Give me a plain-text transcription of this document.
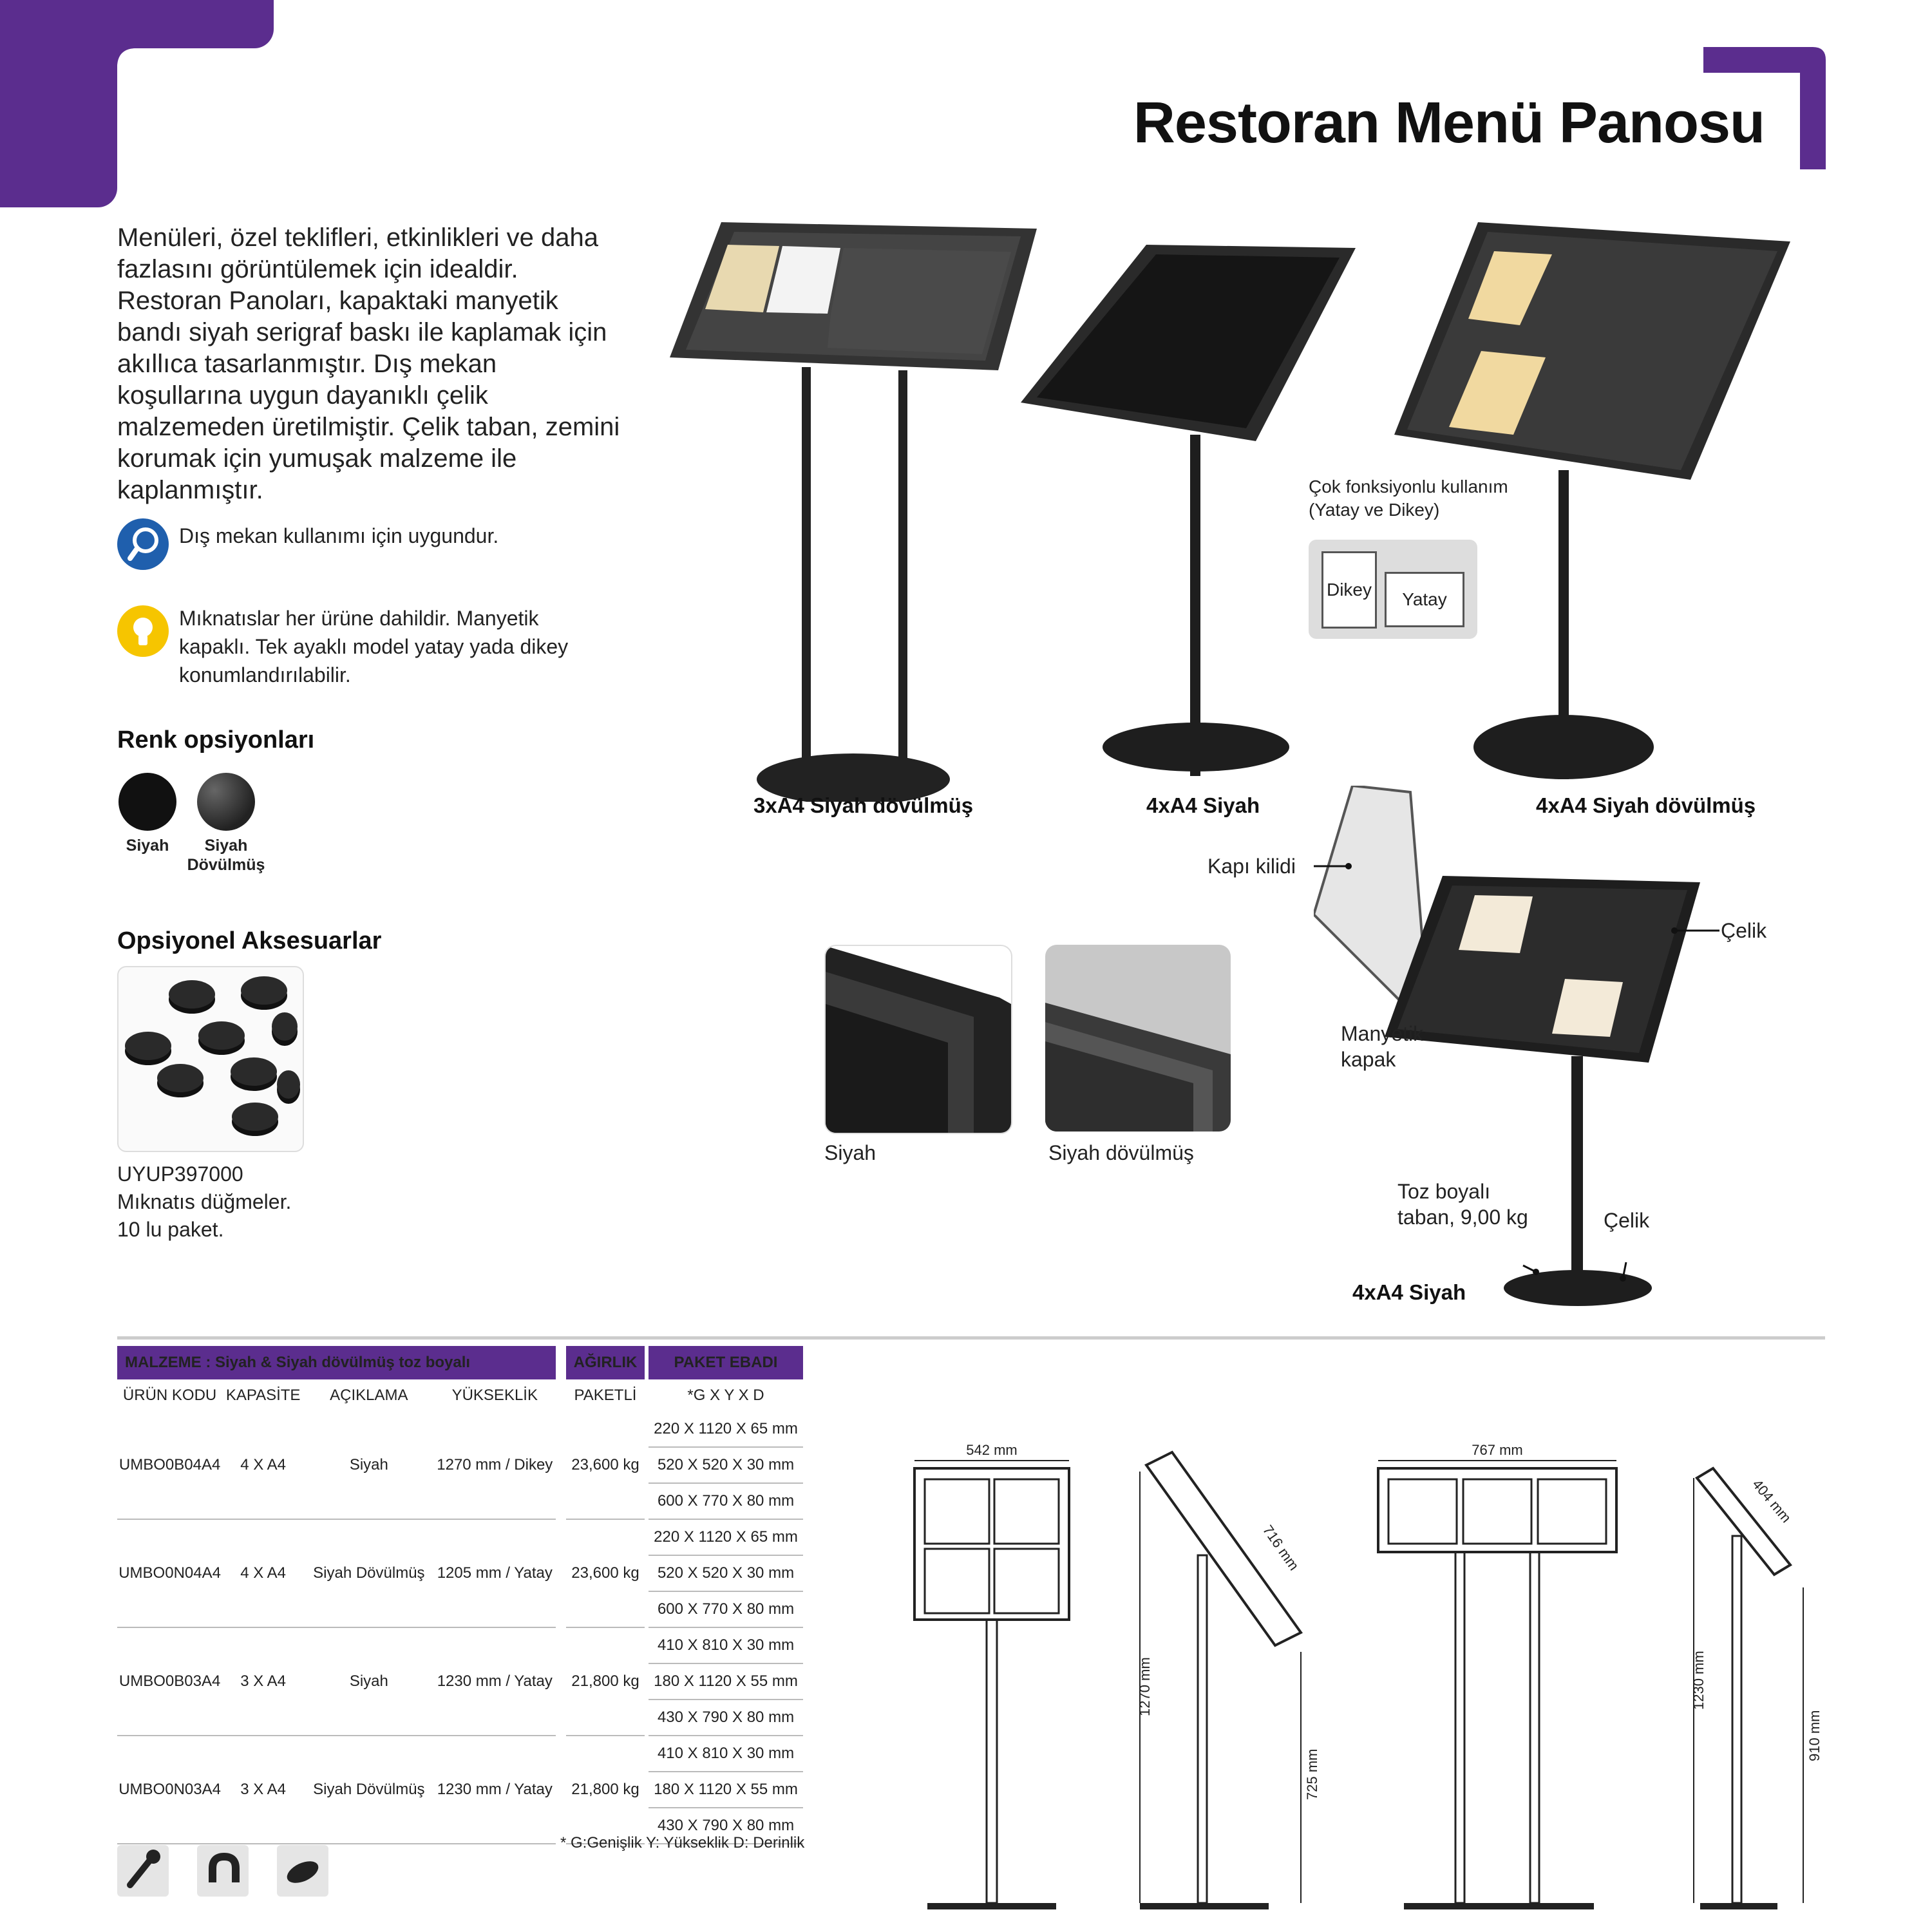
Restoran Menü Panosu
Menüleri, özel teklifleri, etkinlikleri ve daha fazlasını görüntülemek için idealdir. Restoran Panoları, kapaktaki manyetik bandı siyah serigraf baskı ile kaplamak için akıllıca tasarlanmıştır. Dış mekan koşullarına uygun dayanıklı çelik malzemeden üretilmiştir. Çelik taban, zemini korumak için yumuşak malzeme ile kaplanmıştır.
Dış mekan kullanımı için uygundur.
Mıknatıslar her ürüne dahildir. Manyetik kapaklı. Tek ayaklı model yatay yada dikey konumlandırılabilir.
Renk opsiyonları
Siyah	Siyah Dövülmüş
Opsiyonel Aksesuarlar
UYUP397000
Mıknatıs düğmeler.
10 lu paket.
3xA4 Siyah dövülmüş	4xA4 Siyah	4xA4 Siyah dövülmüş
Çok fonksiyonlu kullanım
(Yatay ve Dikey)
Dikey	Yatay
Siyah	Siyah dövülmüş
Kapı kilidi
Çelik
Manyetik
kapak
Toz boyalı
taban, 9,00 kg	Çelik
4xA4 Siyah
MALZEME : Siyah & Siyah dövülmüş toz boyalı					AĞIRLIK		PAKET EBADI
ÜRÜN KODU	KAPASİTE	AÇIKLAMA	YÜKSEKLİK		PAKETLİ		*G X Y X D
UMBO0B04A4	4 X A4	Siyah	1270 mm / Dikey		23,600 kg		220 X 1120 X 65 mm
							520 X 520 X 30 mm
							600 X 770 X 80 mm
UMBO0N04A4	4 X A4	Siyah Dövülmüş	1205 mm / Yatay		23,600 kg		220 X 1120 X 65 mm
							520 X 520 X 30 mm
							600 X 770 X 80 mm
UMBO0B03A4	3 X A4	Siyah	1230 mm / Yatay		21,800 kg		410 X 810 X 30 mm
							180 X 1120 X 55 mm
							430 X 790 X 80 mm
UMBO0N03A4	3 X A4	Siyah Dövülmüş	1230 mm / Yatay		21,800 kg		410 X 810 X 30 mm
							180 X 1120 X 55 mm
							430 X 790 X 80 mm
* G:Genişlik Y: Yükseklik D: Derinlik
542 mm
716 mm
1270 mm
725 mm
767 mm
404 mm
1230 mm
910 mm
